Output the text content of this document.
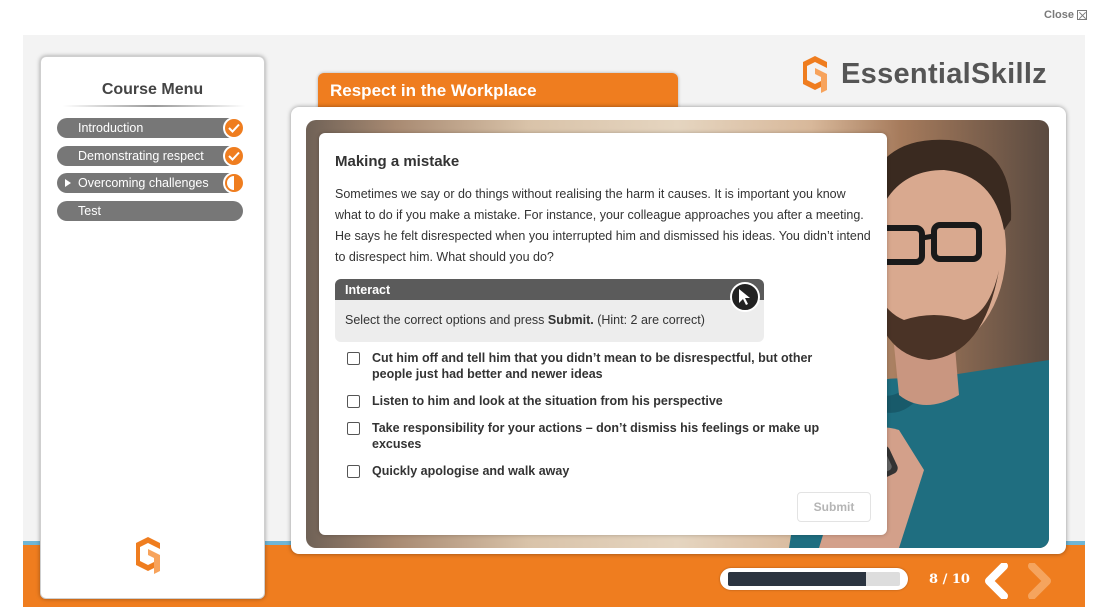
Close
Course Menu
Introduction
Demonstrating respect
Overcoming challenges
Test
Respect in the Workplace
EssentialSkillz
Making a mistake
Sometimes we say or do things without realising the harm it causes. It is important you know what to do if you make a mistake. For instance, your colleague approaches you after a meeting. He says he felt disrespected when you interrupted him and dismissed his ideas. You didn’t intend to disrespect him. What should you do?
Interact
Select the correct options and press Submit. (Hint: 2 are correct)
Cut him off and tell him that you didn’t mean to be disrespectful, but other people just had better and newer ideas
Listen to him and look at the situation from his perspective
Take responsibility for your actions – don’t dismiss his feelings or make up excuses
Quickly apologise and walk away
Submit
8 / 10
